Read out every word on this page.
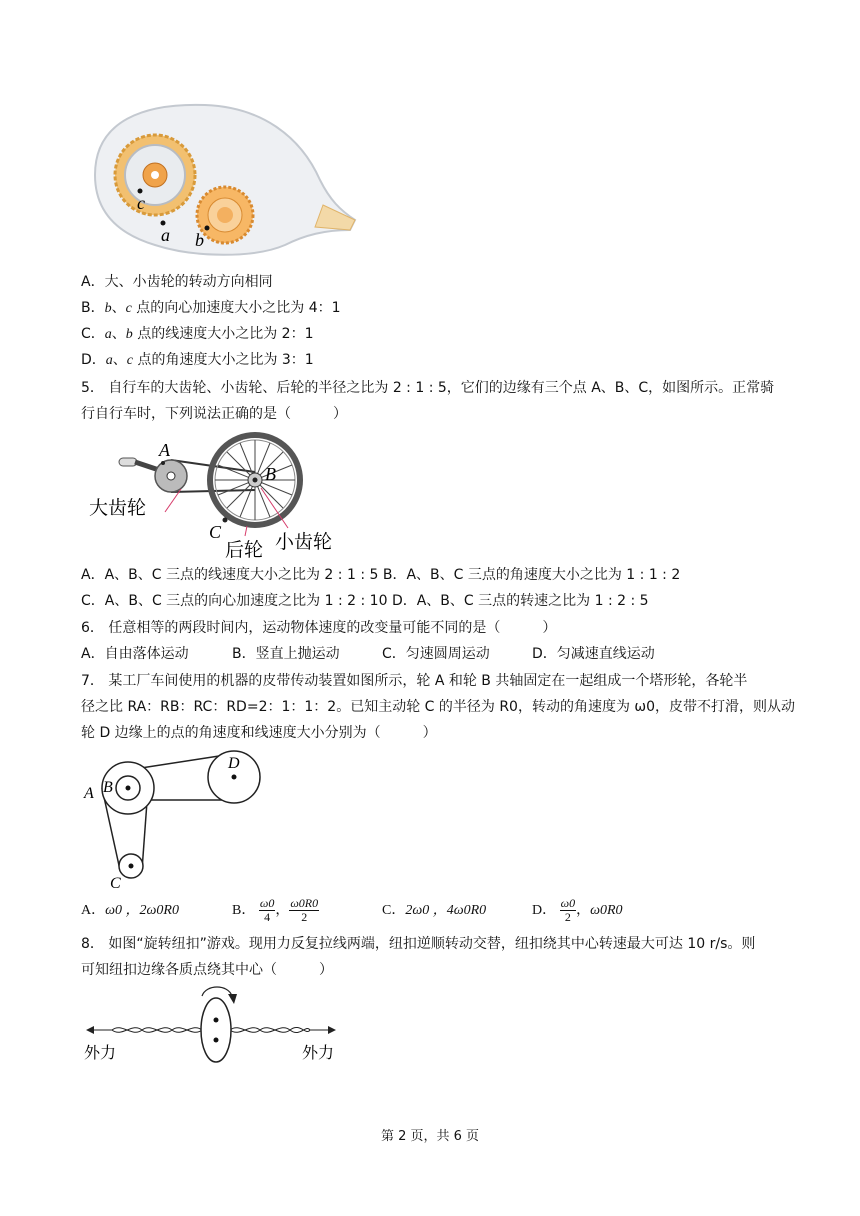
c
a b
A．大、小齿轮的转动方向相同
B．b、c 点的向心加速度大小之比为 4：1
C．a、b 点的线速度大小之比为 2：1
D．a、c 点的角速度大小之比为 3：1
5． 自行车的大齿轮、小齿轮、后轮的半径之比为 2 : 1 : 5，它们的边缘有三个点 A、B、C，如图所示。正常骑
行自行车时，下列说法正确的是（　　　）
A
B
C
大齿轮
后轮 小齿轮
A．A、B、C 三点的线速度大小之比为 2 : 1 : 5 B．A、B、C 三点的角速度大小之比为 1 : 1 : 2
C．A、B、C 三点的向心加速度之比为 1 : 2 : 10 D．A、B、C 三点的转速之比为 1 : 2 : 5
6． 任意相等的两段时间内，运动物体速度的改变量可能不同的是（　　　）
A．自由落体运动	B．竖直上抛运动	C．匀速圆周运动	D．匀减速直线运动
7． 某工厂车间使用的机器的皮带传动装置如图所示，轮 A 和轮 B 共轴固定在一起组成一个塔形轮，各轮半
径之比 RA：RB：RC：RD=2：1：1：2。已知主动轮 C 的半径为 R0，转动的角速度为 ω0，皮带不打滑，则从动
轮 D 边缘上的点的角速度和线速度大小分别为（　　　）
A B
C
D
A．ω0 ，2ω0R0	B． $\frac{\omega 0}{4}$ ， $\frac{\omega 0R0}{2}$	C．2ω0 ，4ω0R0	D． $\frac{\omega 0}{2}$ ，ω0R0
8． 如图“旋转纽扣”游戏。现用力反复拉线两端，纽扣逆顺转动交替，纽扣绕其中心转速最大可达 10 r/s。则
可知纽扣边缘各质点绕其中心（　　　）
外力	外力
第 2 页，共 6 页
